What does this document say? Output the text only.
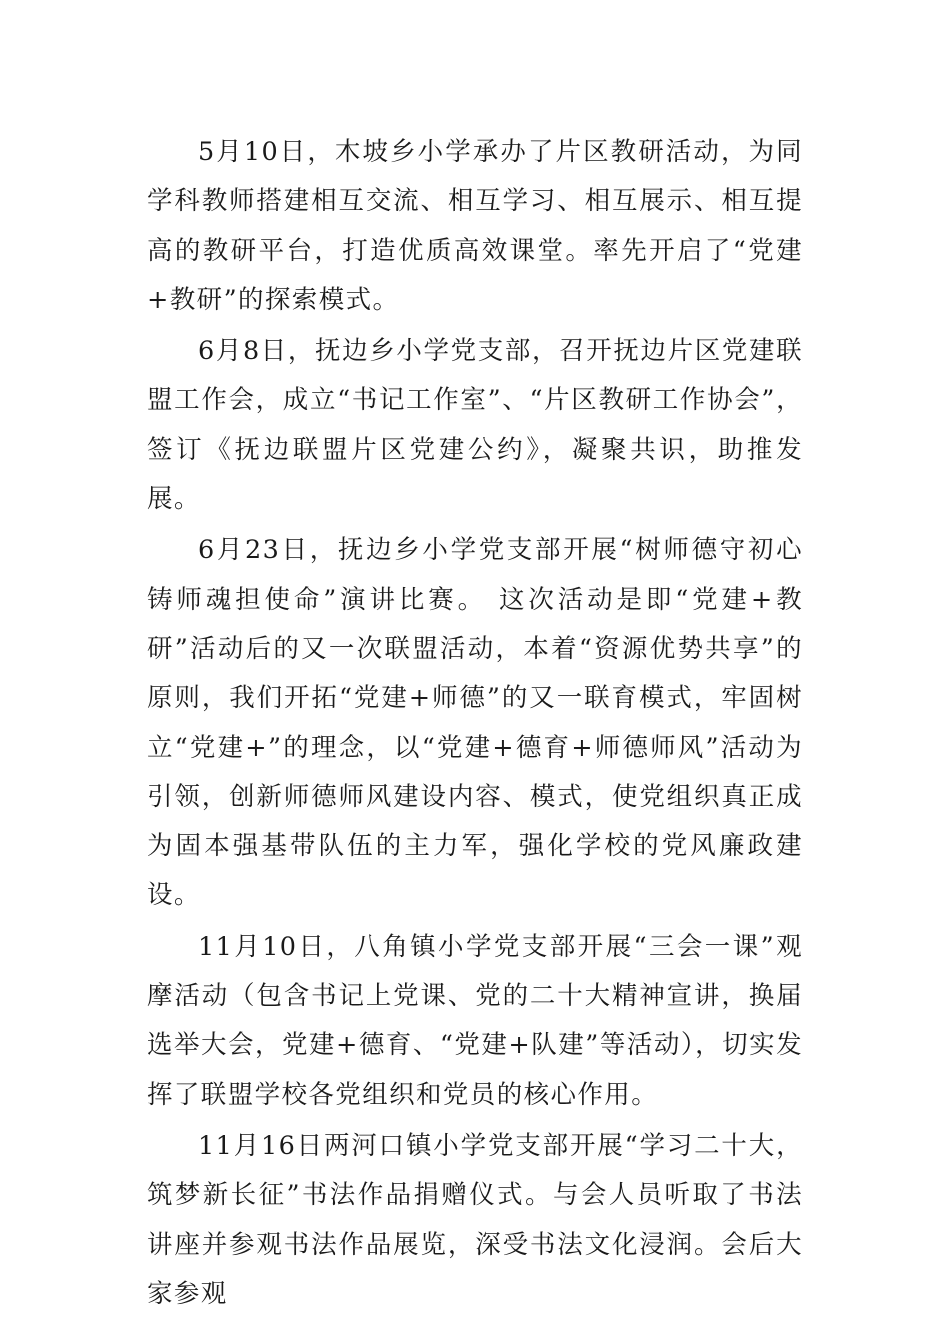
5月10日，木坡乡小学承办了片区教研活动，为同学科教师搭建相互交流、相互学习、相互展示、相互提高的教研平台，打造优质高效课堂。率先开启了“党建+教研”的探索模式。

6月8日，抚边乡小学党支部，召开抚边片区党建联盟工作会，成立“书记工作室”、“片区教研工作协会”，签订《抚边联盟片区党建公约》，凝聚共识，助推发展。

6月23日，抚边乡小学党支部开展“树师德守初心铸师魂担使命”演讲比赛。 这次活动是即“党建+教研”活动后的又一次联盟活动，本着“资源优势共享”的原则，我们开拓“党建+师德”的又一联育模式，牢固树立“党建+”的理念，以“党建+德育+师德师风”活动为引领，创新师德师风建设内容、模式，使党组织真正成为固本强基带队伍的主力军，强化学校的党风廉政建设。

11月10日，八角镇小学党支部开展“三会一课”观摩活动（包含书记上党课、党的二十大精神宣讲，换届选举大会，党建+德育、“党建+队建”等活动），切实发挥了联盟学校各党组织和党员的核心作用。

11月16日两河口镇小学党支部开展“学习二十大，筑梦新长征”书法作品捐赠仪式。与会人员听取了书法讲座并参观书法作品展览，深受书法文化浸润。会后大家参观
